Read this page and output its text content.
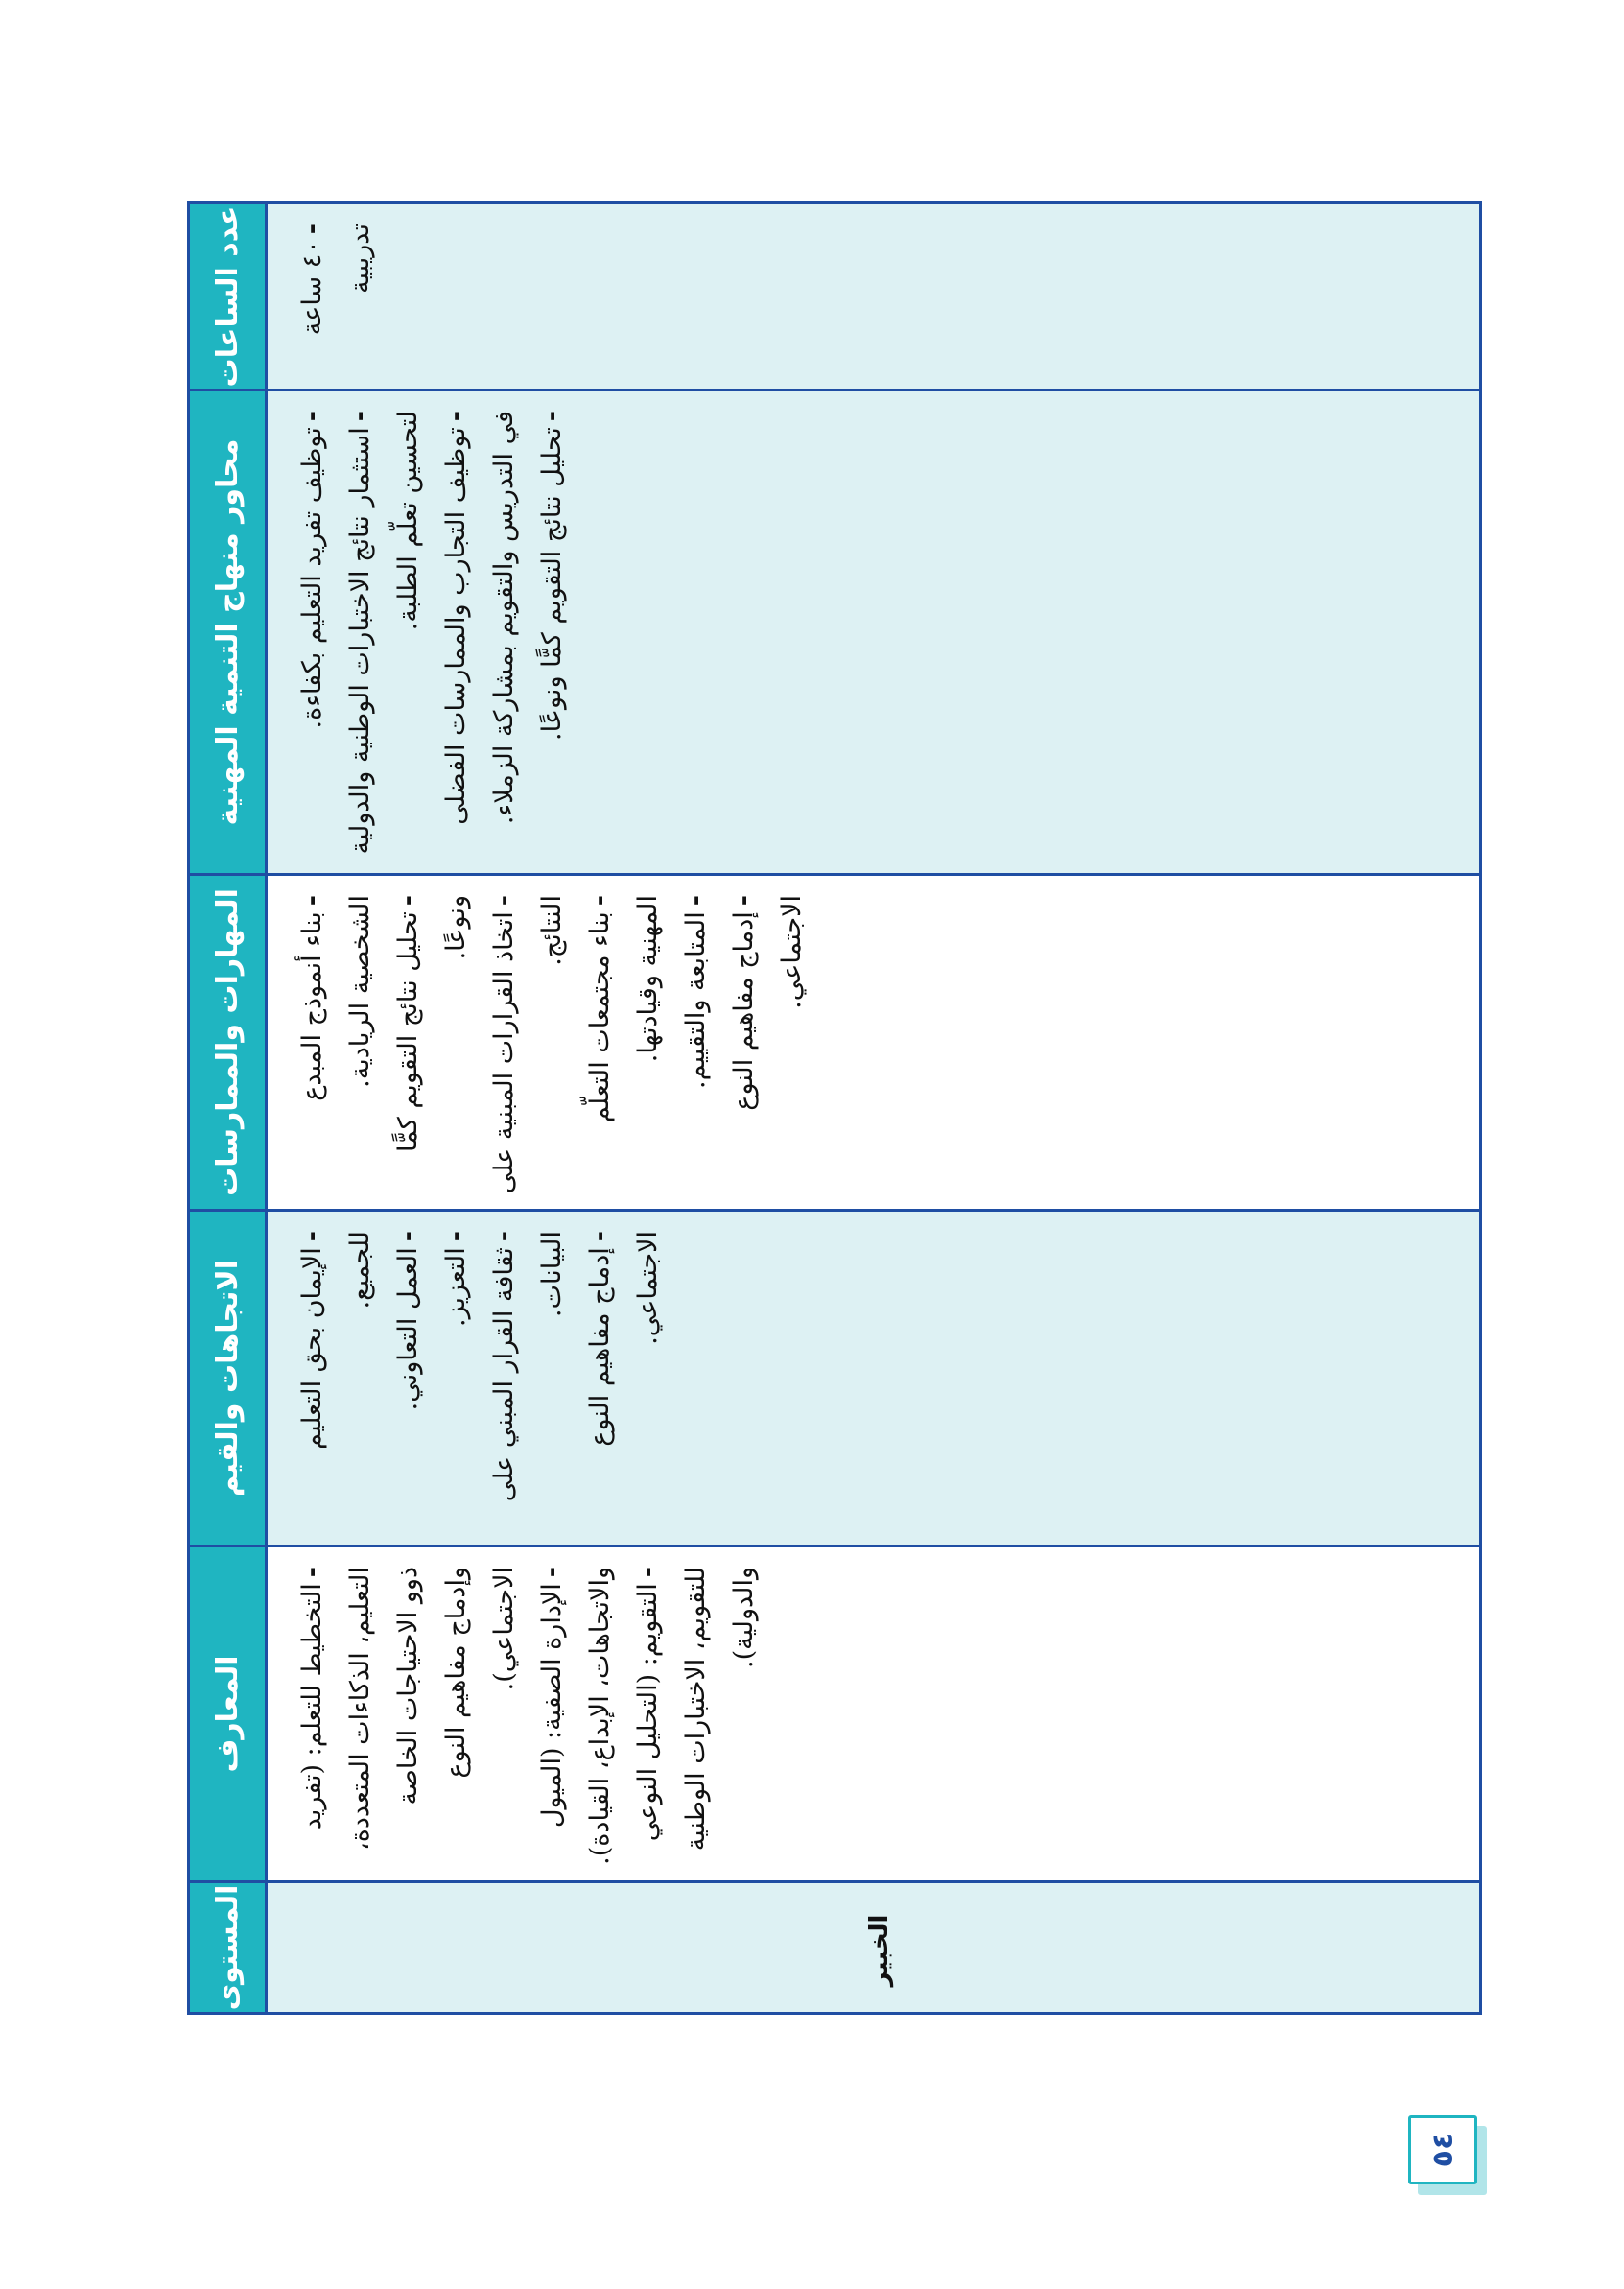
عدد الساعات
محاور منهاج التنمية المهنية
المهارات والممارسات
الاتجاهات والقيم
المعارف
المستوى
-٤٠ ساعة تدريبية
-توظيف تفريد التعليم بكفاءة.
-استثمار نتائج الاختبارات الوطنية والدولية لتحسين تعلّم الطلبة. -توظيف التجارب والممارسات الفضلى في التدريس والتقويم بمشاركة الزملاء. -تحليل نتائج التقويم كمًّا ونوعًا.
-بناء أنموذج المبدع الشخصية الريادية. -تحليل نتائج التقويم كمًّا ونوعًا. -اتخاذ القرارات المبنية على النتائج. -بناء مجتمعات التعلّم المهنية وقيادتها. -المتابعة والتقييم.
-إدماج مفاهيم النوع الاجتماعي.
-الإيمان بحق التعليم للجميع. -العمل التعاوني.
-التعزيز.
-ثقافة القرار المبني على البيانات. -إدماج مفاهيم النوع الاجتماعي.
-التخطيط للتعلم: (تفريد التعليم، الذكاءات المتعددة، ذوو الاحتياجات الخاصة وإدماج مفاهيم النوع الاجتماعي). -الإدارة الصفية: (الميول والاتجاهات، الإبداع، القيادة). -التقويم: (التحليل النوعي للتقويم، الاختبارات الوطنية والدولية).
الخبير
٥٤
